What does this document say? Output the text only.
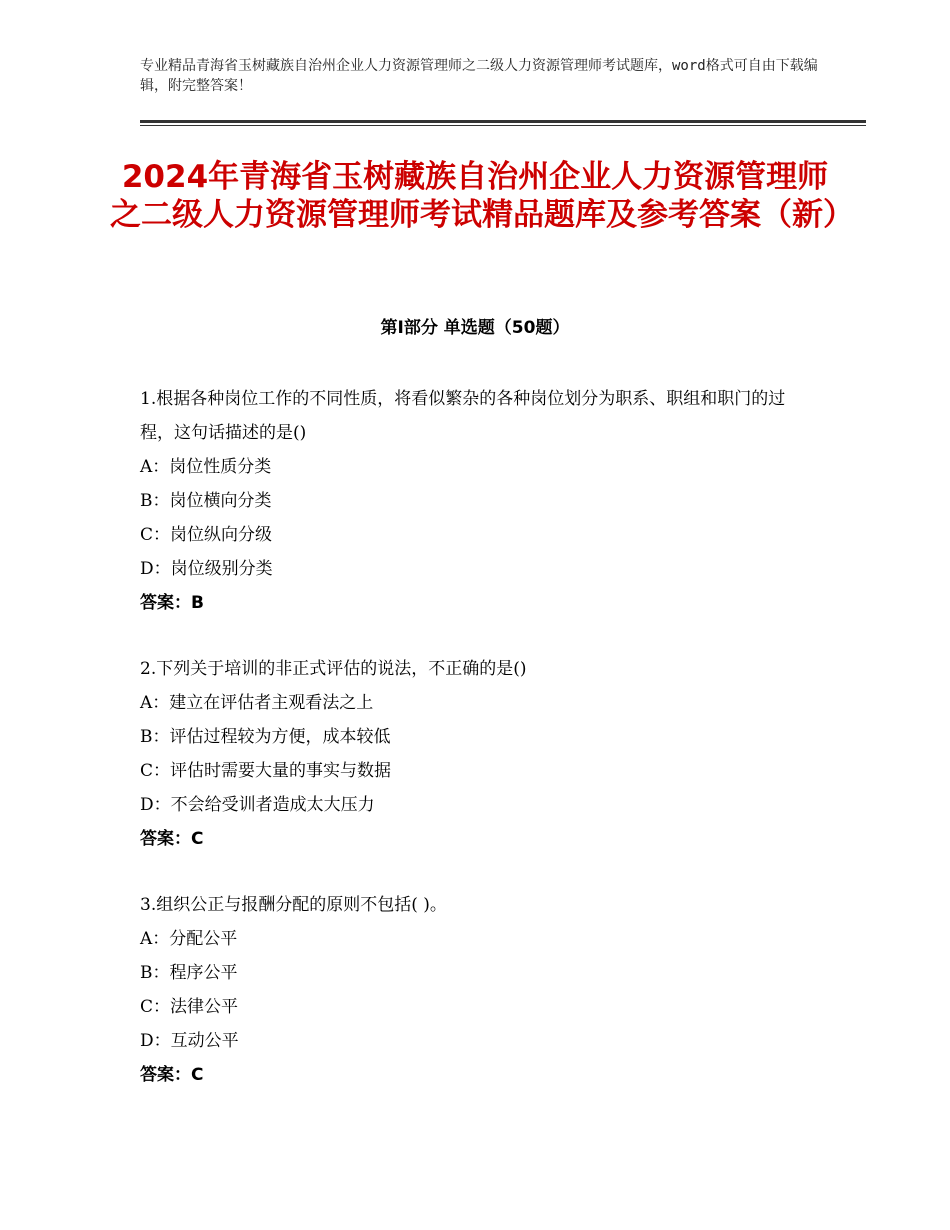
专业精品青海省玉树藏族自治州企业人力资源管理师之二级人力资源管理师考试题库，word格式可自由下载编辑，附完整答案！
2024年青海省玉树藏族自治州企业人力资源管理师之二级人力资源管理师考试精品题库及参考答案（新）
第Ⅰ部分 单选题（50题）

1.根据各种岗位工作的不同性质，将看似繁杂的各种岗位划分为职系、职组和职门的过程，这句话描述的是()

A：岗位性质分类

B：岗位横向分类

C：岗位纵向分级

D：岗位级别分类

答案：B

2.下列关于培训的非正式评估的说法，不正确的是()

A：建立在评估者主观看法之上

B：评估过程较为方便，成本较低

C：评估时需要大量的事实与数据

D：不会给受训者造成太大压力

答案：C

3.组织公正与报酬分配的原则不包括( )。

A：分配公平

B：程序公平

C：法律公平

D：互动公平

答案：C
